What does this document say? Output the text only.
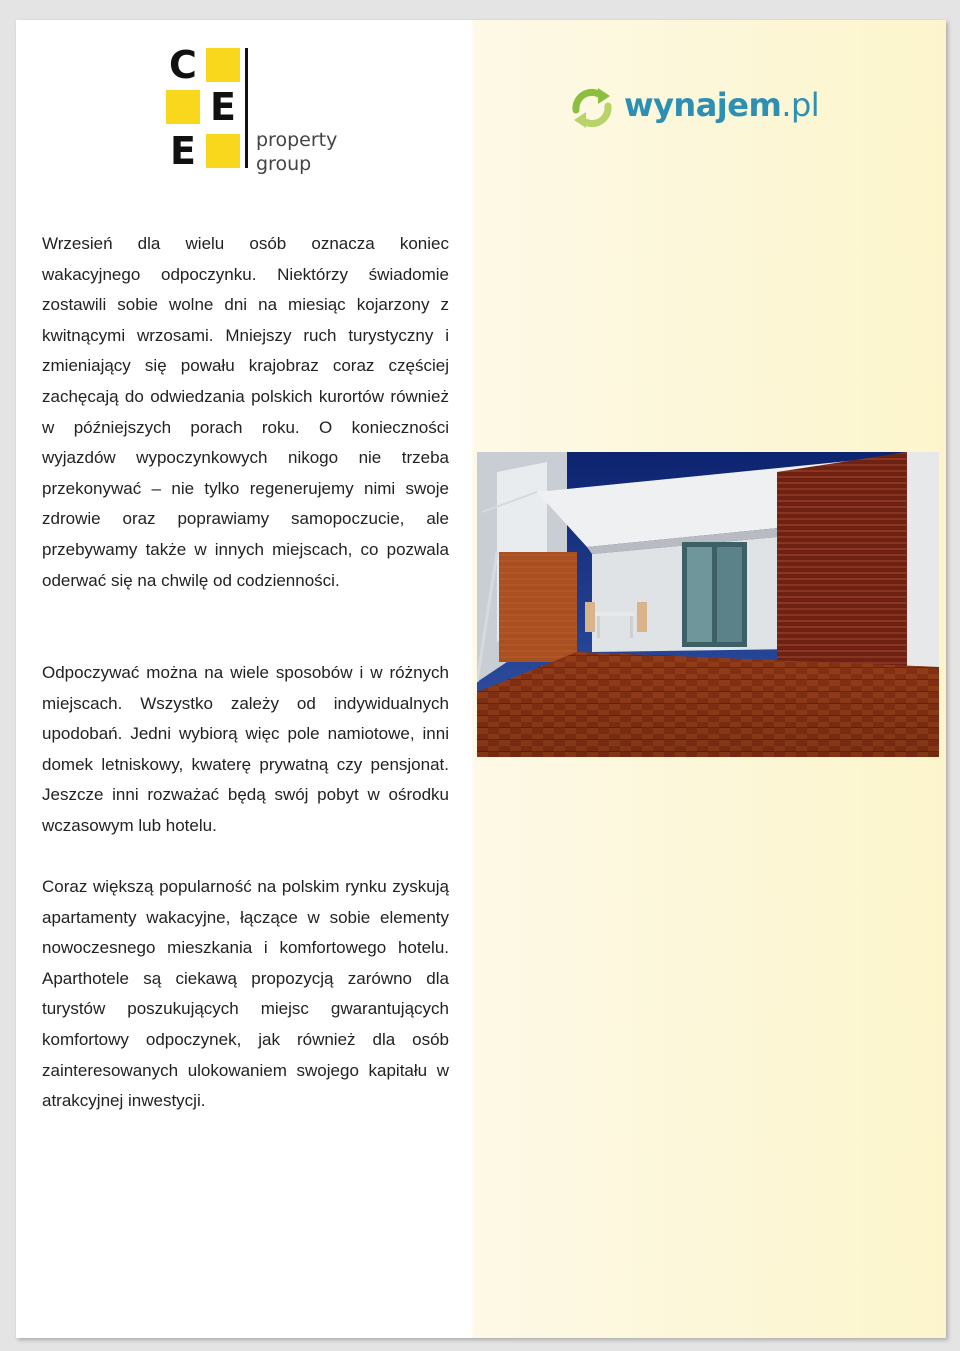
C
E
E	property
group
wynajem.pl

Wrzesień dla wielu osób oznacza koniec wakacyjnego odpoczynku. Niektórzy świadomie zostawili sobie wolne dni na miesiąc kojarzony z kwitnącymi wrzosami. Mniejszy ruch turystyczny i zmieniający się powału krajobraz coraz częściej zachęcają do odwiedzania polskich kurortów również w późniejszych porach roku. O konieczności wyjazdów wypoczynkowych nikogo nie trzeba przekonywać – nie tylko regenerujemy nimi swoje zdrowie oraz poprawiamy samopoczucie, ale przebywamy także w innych miejscach, co pozwala oderwać się na chwilę od codzienności.

Odpoczywać można na wiele sposobów i w różnych miejscach. Wszystko zależy od indywidualnych upodobań. Jedni wybiorą więc pole namiotowe, inni domek letniskowy, kwaterę prywatną czy pensjonat. Jeszcze inni rozważać będą swój pobyt w ośrodku wczasowym lub hotelu.

Coraz większą popularność na polskim rynku zyskują apartamenty wakacyjne, łączące w sobie elementy nowoczesnego mieszkania i komfortowego hotelu. Aparthotele są ciekawą propozycją zarówno dla turystów poszukujących miejsc gwarantujących komfortowy odpoczynek, jak również dla osób zainteresowanych ulokowaniem swojego kapitału w atrakcyjnej inwestycji.
